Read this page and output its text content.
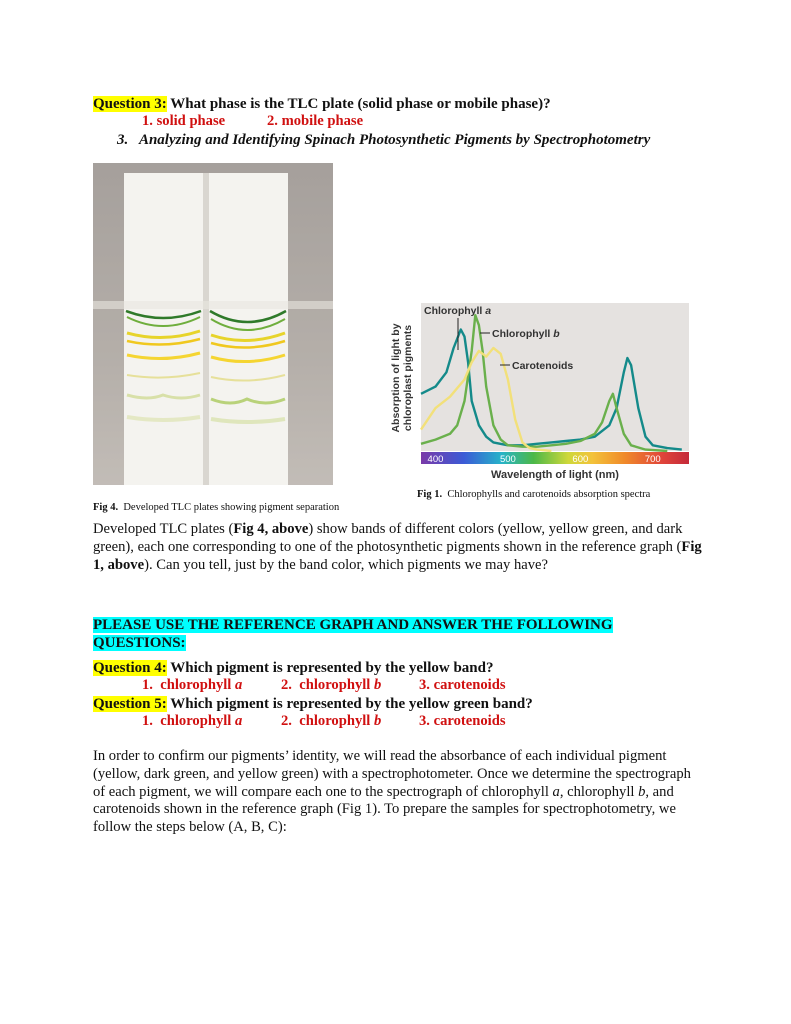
Question 3: What phase is the TLC plate (solid phase or mobile phase)?
1. solid phase	2. mobile phase
3. Analyzing and Identifying Spinach Photosynthetic Pigments by Spectrophotometry
Fig 4. Developed TLC plates showing pigment separation
400	500	600	700
Chlorophyll a
Chlorophyll b
Carotenoids
Wavelength of light (nm)
Absorption of light by chloroplast pigments
Fig 1. Chlorophylls and carotenoids absorption spectra
Developed TLC plates (Fig 4, above) show bands of different colors (yellow, yellow green, and dark green), each one corresponding to one of the photosynthetic pigments shown in the reference graph (Fig 1, above). Can you tell, just by the band color, which pigments we may have?
PLEASE USE THE REFERENCE GRAPH AND ANSWER THE FOLLOWING QUESTIONS:
Question 4: Which pigment is represented by the yellow band?
1. chlorophyll a	2. chlorophyll b	3. carotenoids
Question 5: Which pigment is represented by the yellow green band?
1. chlorophyll a	2. chlorophyll b	3. carotenoids
In order to confirm our pigments’ identity, we will read the absorbance of each individual pigment (yellow, dark green, and yellow green) with a spectrophotometer. Once we determine the spectrograph of each pigment, we will compare each one to the spectrograph of chlorophyll a, chlorophyll b, and carotenoids shown in the reference graph (Fig 1). To prepare the samples for spectrophotometry, we follow the steps below (A, B, C):
